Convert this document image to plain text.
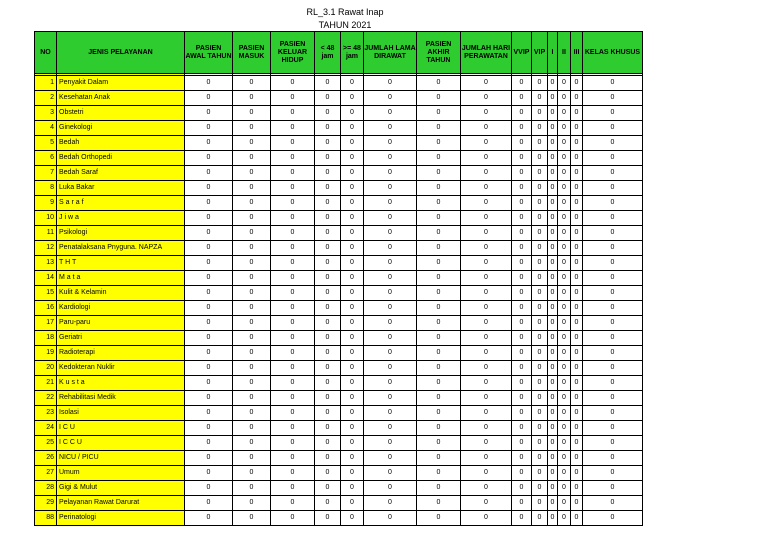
RL_3.1 Rawat Inap
TAHUN 2021
NO	JENIS PELAYANAN	PASIEN AWAL TAHUN	PASIEN MASUK	PASIEN KELUAR HIDUP	< 48 jam	>= 48 jam	JUMLAH LAMA DIRAWAT	PASIEN AKHIR TAHUN	JUMLAH HARI PERAWATAN	VVIP	VIP	I	II	III	KELAS KHUSUS

1	Penyakit Dalam	0	0	0	0	0	0	0	0	0	0	0	0	0	0
2	Kesehatan Anak	0	0	0	0	0	0	0	0	0	0	0	0	0	0
3	Obstetri	0	0	0	0	0	0	0	0	0	0	0	0	0	0
4	Ginekologi	0	0	0	0	0	0	0	0	0	0	0	0	0	0
5	Bedah	0	0	0	0	0	0	0	0	0	0	0	0	0	0
6	Bedah Orthopedi	0	0	0	0	0	0	0	0	0	0	0	0	0	0
7	Bedah Saraf	0	0	0	0	0	0	0	0	0	0	0	0	0	0
8	Luka Bakar	0	0	0	0	0	0	0	0	0	0	0	0	0	0
9	S a r a f	0	0	0	0	0	0	0	0	0	0	0	0	0	0
10	J i w a	0	0	0	0	0	0	0	0	0	0	0	0	0	0
11	Psikologi	0	0	0	0	0	0	0	0	0	0	0	0	0	0
12	Penatalaksana Pnyguna. NAPZA	0	0	0	0	0	0	0	0	0	0	0	0	0	0
13	T H T	0	0	0	0	0	0	0	0	0	0	0	0	0	0
14	M a t a	0	0	0	0	0	0	0	0	0	0	0	0	0	0
15	Kulit & Kelamin	0	0	0	0	0	0	0	0	0	0	0	0	0	0
16	Kardiologi	0	0	0	0	0	0	0	0	0	0	0	0	0	0
17	Paru-paru	0	0	0	0	0	0	0	0	0	0	0	0	0	0
18	Geriatri	0	0	0	0	0	0	0	0	0	0	0	0	0	0
19	Radioterapi	0	0	0	0	0	0	0	0	0	0	0	0	0	0
20	Kedokteran Nuklir	0	0	0	0	0	0	0	0	0	0	0	0	0	0
21	K u s t a	0	0	0	0	0	0	0	0	0	0	0	0	0	0
22	Rehabilitasi Medik	0	0	0	0	0	0	0	0	0	0	0	0	0	0
23	Isolasi	0	0	0	0	0	0	0	0	0	0	0	0	0	0
24	I C U	0	0	0	0	0	0	0	0	0	0	0	0	0	0
25	I C C U	0	0	0	0	0	0	0	0	0	0	0	0	0	0
26	NICU / PICU	0	0	0	0	0	0	0	0	0	0	0	0	0	0
27	Umum	0	0	0	0	0	0	0	0	0	0	0	0	0	0
28	Gigi & Mulut	0	0	0	0	0	0	0	0	0	0	0	0	0	0
29	Pelayanan Rawat Darurat	0	0	0	0	0	0	0	0	0	0	0	0	0	0
88	Perinatologi	0	0	0	0	0	0	0	0	0	0	0	0	0	0
